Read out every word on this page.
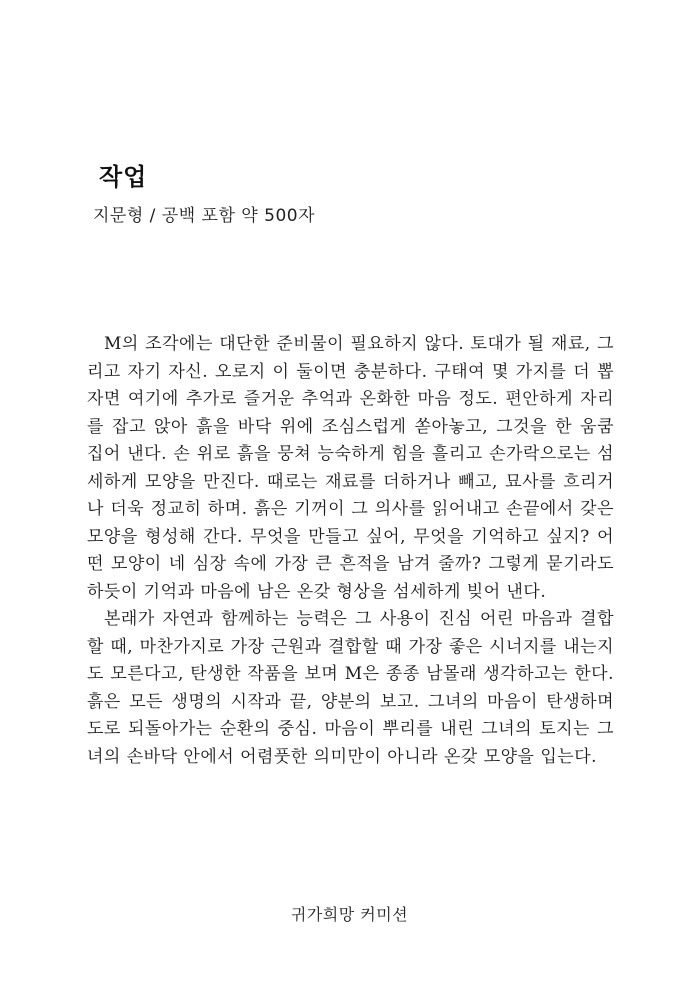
작업

지문형 / 공백 포함 약 500자

M의 조각에는 대단한 준비물이 필요하지 않다. 토대가 될 재료, 그리고 자기 자신. 오로지 이 둘이면 충분하다. 구태여 몇 가지를 더 뽑자면 여기에 추가로 즐거운 추억과 온화한 마음 정도. 편안하게 자리를 잡고 앉아 흙을 바닥 위에 조심스럽게 쏟아놓고, 그것을 한 움쿰 집어 낸다. 손 위로 흙을 뭉쳐 능숙하게 힘을 흘리고 손가락으로는 섬세하게 모양을 만진다. 때로는 재료를 더하거나 빼고, 묘사를 흐리거나 더욱 정교히 하며. 흙은 기꺼이 그 의사를 읽어내고 손끝에서 갖은 모양을 형성해 간다. 무엇을 만들고 싶어, 무엇을 기억하고 싶지? 어떤 모양이 네 심장 속에 가장 큰 흔적을 남겨 줄까? 그렇게 묻기라도 하듯이 기억과 마음에 남은 온갖 형상을 섬세하게 빚어 낸다.

본래가 자연과 함께하는 능력은 그 사용이 진심 어린 마음과 결합할 때, 마찬가지로 가장 근원과 결합할 때 가장 좋은 시너지를 내는지도 모른다고, 탄생한 작품을 보며 M은 종종 남몰래 생각하고는 한다. 흙은 모든 생명의 시작과 끝, 양분의 보고. 그녀의 마음이 탄생하며 도로 되돌아가는 순환의 중심. 마음이 뿌리를 내린 그녀의 토지는 그녀의 손바닥 안에서 어렴풋한 의미만이 아니라 온갖 모양을 입는다.

귀가희망 커미션
